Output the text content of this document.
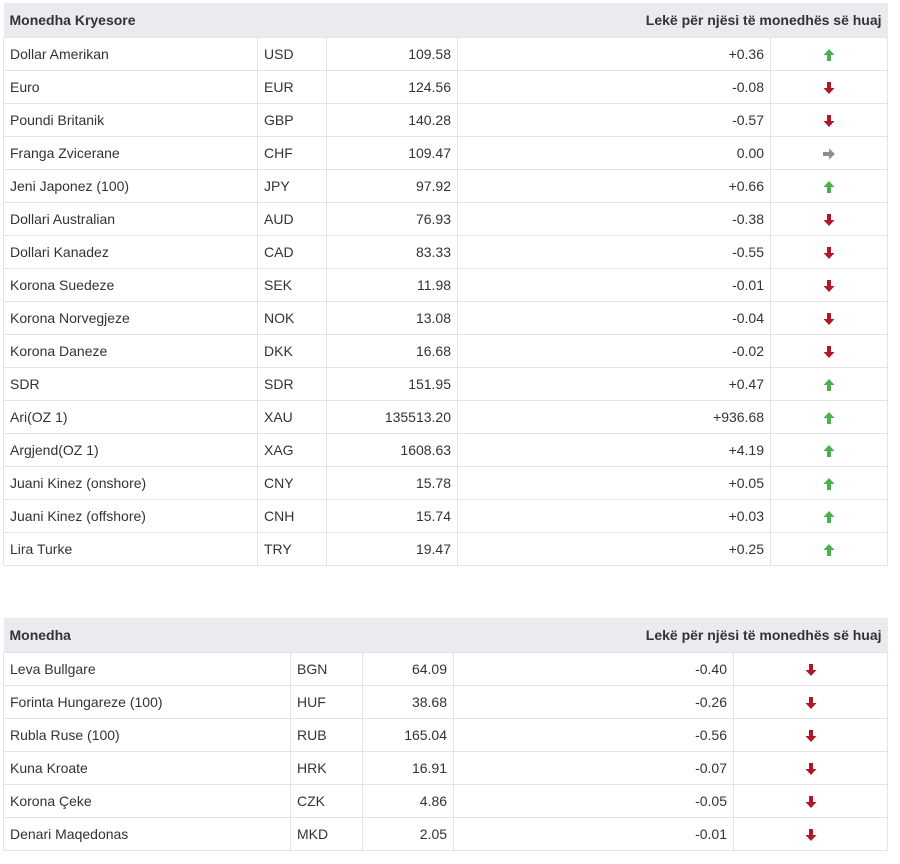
Monedha Kryesore		Lekë për njësi të monedhës së huaj		
Dollar Amerikan	USD	109.58	+0.36	
Euro	EUR	124.56	-0.08	
Poundi Britanik	GBP	140.28	-0.57	
Franga Zvicerane	CHF	109.47	0.00	
Jeni Japonez (100)	JPY	97.92	+0.66	
Dollari Australian	AUD	76.93	-0.38	
Dollari Kanadez	CAD	83.33	-0.55	
Korona Suedeze	SEK	11.98	-0.01	
Korona Norvegjeze	NOK	13.08	-0.04	
Korona Daneze	DKK	16.68	-0.02	
SDR	SDR	151.95	+0.47	
Ari(OZ 1)	XAU	135513.20	+936.68	
Argjend(OZ 1)	XAG	1608.63	+4.19	
Juani Kinez (onshore)	CNY	15.78	+0.05	
Juani Kinez (offshore)	CNH	15.74	+0.03	
Lira Turke	TRY	19.47	+0.25	
Monedha		Lekë për njësi të monedhës së huaj		
Leva Bullgare	BGN	64.09	-0.40	
Forinta Hungareze (100)	HUF	38.68	-0.26	
Rubla Ruse (100)	RUB	165.04	-0.56	
Kuna Kroate	HRK	16.91	-0.07	
Korona Çeke	CZK	4.86	-0.05	
Denari Maqedonas	MKD	2.05	-0.01	
